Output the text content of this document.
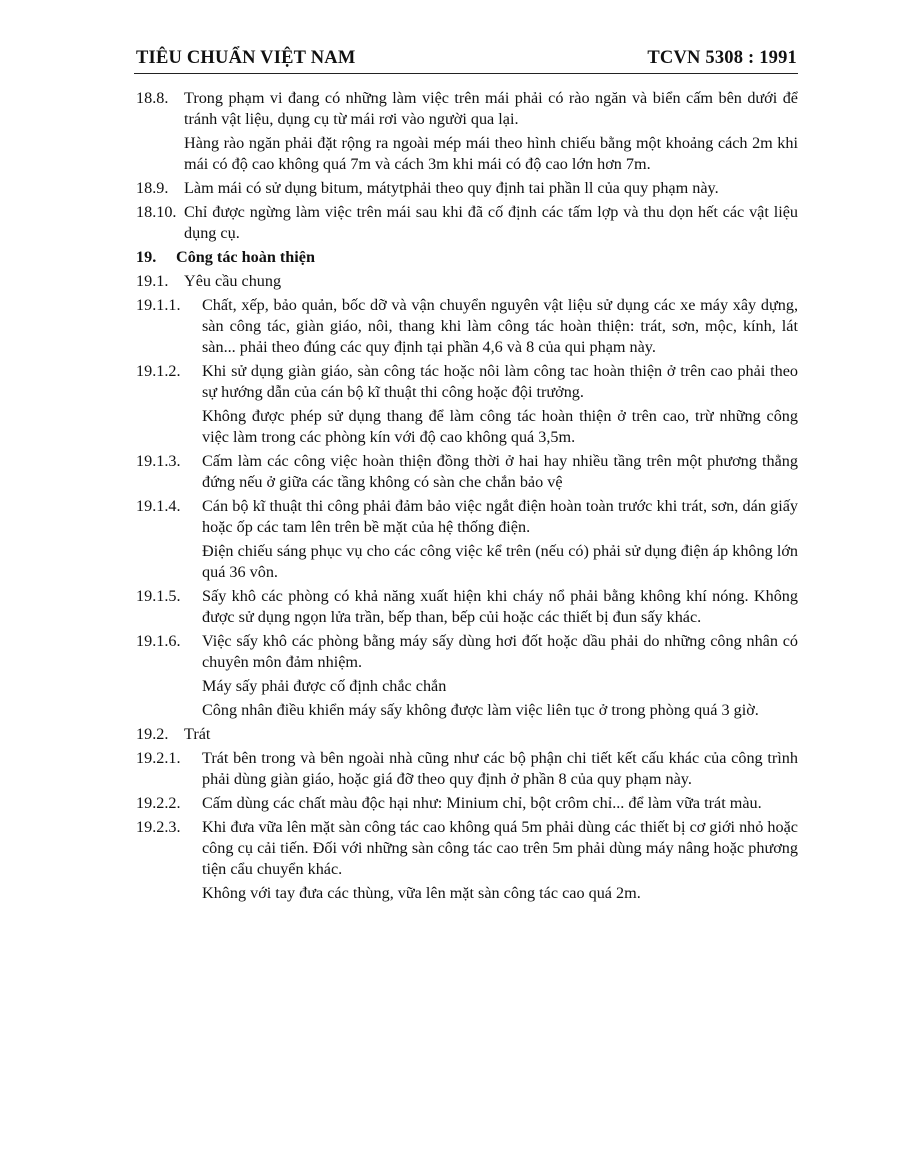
TIÊU CHUẨN VIỆT NAM	TCVN 5308 : 1991
18.8. Trong phạm vi đang có những làm việc trên mái phải có rào ngăn và biển cấm bên dưới để tránh vật liệu, dụng cụ từ mái rơi vào người qua lại.
Hàng rào ngăn phải đặt rộng ra ngoài mép mái theo hình chiếu bằng một khoảng cách 2m khi mái có độ cao không quá 7m và cách 3m khi mái có độ cao lớn hơn 7m.
18.9. Làm mái có sử dụng bitum, mátytphải theo quy định tai phần ll của quy phạm này.
18.10. Chỉ được ngừng làm việc trên mái sau khi đã cố định các tấm lợp và thu dọn hết các vật liệu dụng cụ.
19.	Công tác hoàn thiện
19.1. Yêu cầu chung
19.1.1.	Chất, xếp, bảo quản, bốc dỡ và vận chuyển nguyên vật liệu sử dụng các xe máy xây dựng, sàn công tác, giàn giáo, nôi, thang khi làm công tác hoàn thiện: trát, sơn, mộc, kính, lát sàn... phải theo đúng các quy định tại phần 4,6 và 8 của qui phạm này.
19.1.2.	Khi sử dụng giàn giáo, sàn công tác hoặc nôi làm công tac hoàn thiện ở trên cao phải theo sự hướng dẫn của cán bộ kĩ thuật thi công hoặc đội trưởng.
Không được phép sử dụng thang để làm công tác hoàn thiện ở trên cao, trừ những công việc làm trong các phòng kín với độ cao không quá 3,5m.
19.1.3.	Cấm làm các công việc hoàn thiện đồng thời ở hai hay nhiều tầng trên một phương thẳng đứng nếu ở giữa các tầng không có sàn che chắn bảo vệ
19.1.4.	Cán bộ kĩ thuật thi công phải đảm bảo việc ngắt điện hoàn toàn trước khi trát, sơn, dán giấy hoặc ốp các tam lên trên bề mặt của hệ thống điện.
Điện chiếu sáng phục vụ cho các công việc kể trên (nếu có) phải sử dụng điện áp không lớn quá 36 vôn.
19.1.5.	Sấy khô các phòng có khả năng xuất hiện khi cháy nổ phải bằng không khí nóng. Không được sử dụng ngọn lửa trần, bếp than, bếp củi hoặc các thiết bị đun sấy khác.
19.1.6.	Việc sấy khô các phòng bằng máy sấy dùng hơi đốt hoặc dầu phải do những công nhân có chuyên môn đảm nhiệm.
Máy sấy phải được cố định chắc chắn
Công nhân điều khiển máy sấy không được làm việc liên tục ở trong phòng quá 3 giờ.
19.2. Trát
19.2.1.	Trát bên trong và bên ngoài nhà cũng như các bộ phận chi tiết kết cấu khác của công trình phải dùng giàn giáo, hoặc giá đỡ theo quy định ở phần 8 của quy phạm này.
19.2.2.	Cấm dùng các chất màu độc hại như: Minium chỉ, bột crôm chỉ... để làm vữa trát màu.
19.2.3.	Khi đưa vữa lên mặt sàn công tác cao không quá 5m phải dùng các thiết bị cơ giới nhỏ hoặc công cụ cải tiến. Đối với những sàn công tác cao trên 5m phải dùng máy nâng hoặc phương tiện cẩu chuyển khác.
Không với tay đưa các thùng, vữa lên mặt sàn công tác cao quá 2m.
